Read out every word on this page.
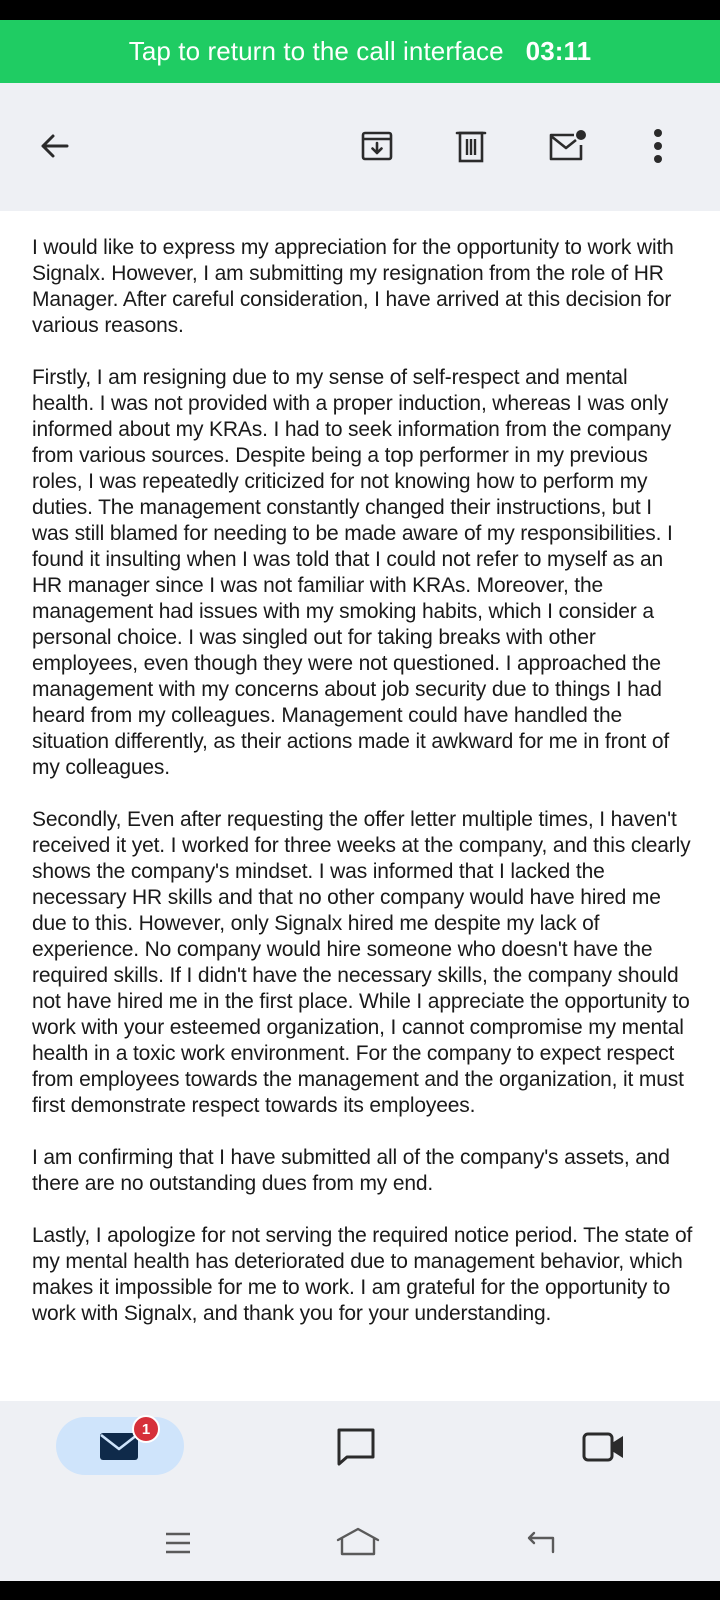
Tap to return to the call interface 03:11

I would like to express my appreciation for the opportunity to work with Signalx. However, I am submitting my resignation from the role of HR Manager. After careful consideration, I have arrived at this decision for various reasons.

Firstly, I am resigning due to my sense of self-respect and mental health. I was not provided with a proper induction, whereas I was only informed about my KRAs. I had to seek information from the company from various sources. Despite being a top performer in my previous roles, I was repeatedly criticized for not knowing how to perform my duties. The management constantly changed their instructions, but I was still blamed for needing to be made aware of my responsibilities. I found it insulting when I was told that I could not refer to myself as an HR manager since I was not familiar with KRAs. Moreover, the management had issues with my smoking habits, which I consider a personal choice. I was singled out for taking breaks with other employees, even though they were not questioned. I approached the management with my concerns about job security due to things I had heard from my colleagues. Management could have handled the situation differently, as their actions made it awkward for me in front of my colleagues.

Secondly, Even after requesting the offer letter multiple times, I haven't received it yet. I worked for three weeks at the company, and this clearly shows the company's mindset. I was informed that I lacked the necessary HR skills and that no other company would have hired me due to this. However, only Signalx hired me despite my lack of experience. No company would hire someone who doesn't have the required skills. If I didn't have the necessary skills, the company should not have hired me in the first place. While I appreciate the opportunity to work with your esteemed organization, I cannot compromise my mental health in a toxic work environment. For the company to expect respect from employees towards the management and the organization, it must first demonstrate respect towards its employees.

I am confirming that I have submitted all of the company's assets, and there are no outstanding dues from my end.

Lastly, I apologize for not serving the required notice period. The state of my mental health has deteriorated due to management behavior, which makes it impossible for me to work. I am grateful for the opportunity to work with Signalx, and thank you for your understanding.

1
